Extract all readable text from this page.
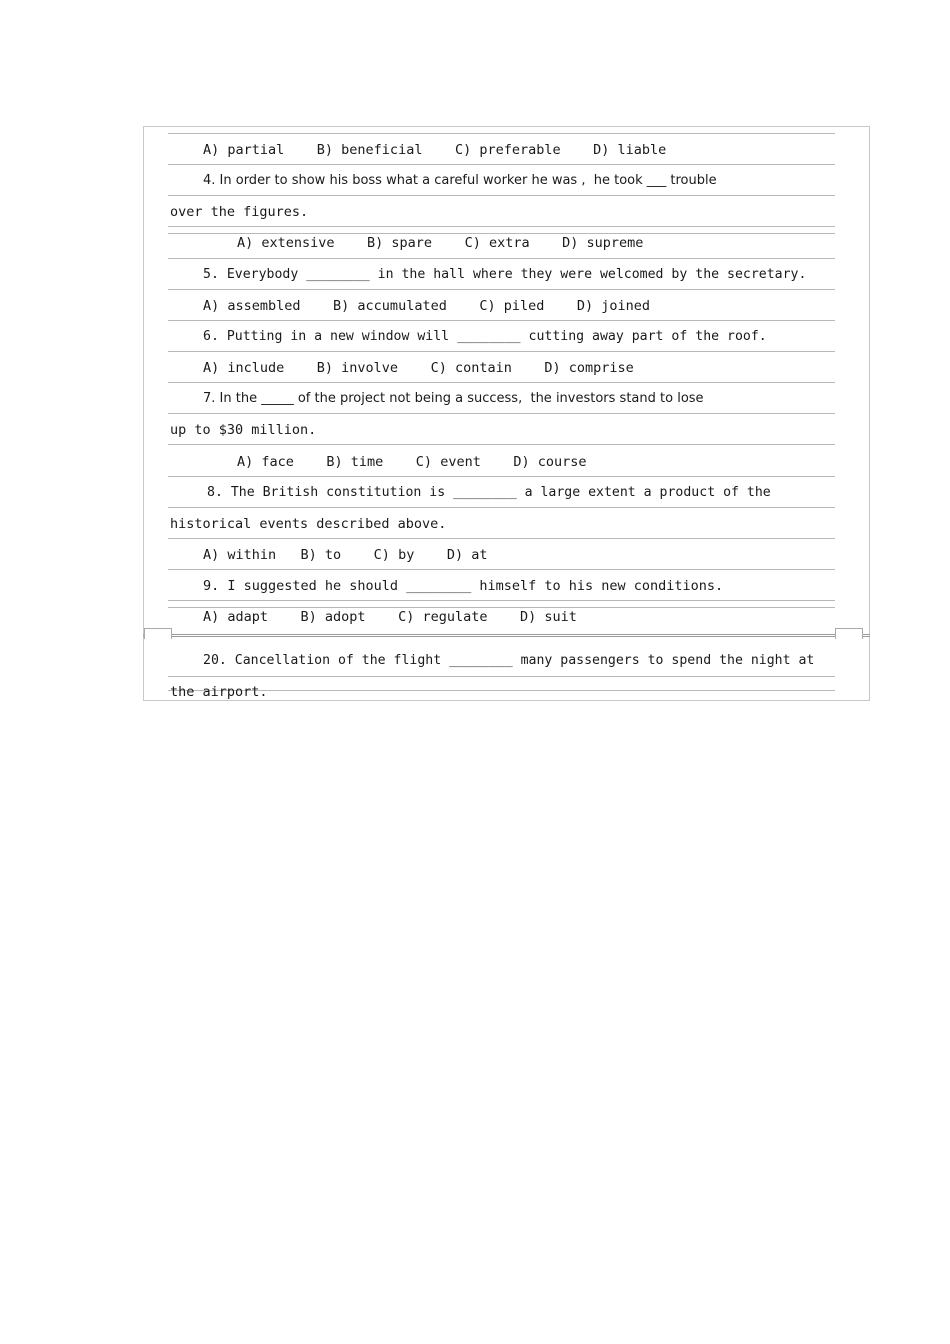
A) partial    B) beneficial    C) preferable    D) liable
4. In order to show his boss what a careful worker he was ,  he took ___ trouble
over the figures.
A) extensive    B) spare    C) extra    D) supreme
5. Everybody ________ in the hall where they were welcomed by the secretary.
A) assembled    B) accumulated    C) piled    D) joined
6. Putting in a new window will ________ cutting away part of the roof.
A) include    B) involve    C) contain    D) comprise
7. In the _____ of the project not being a success,  the investors stand to lose
up to $30 million.
A) face    B) time    C) event    D) course
8. The British constitution is ________ a large extent a product of the
historical events described above.
A) within   B) to    C) by    D) at
9. I suggested he should ________ himself to his new conditions.
A) adapt    B) adopt    C) regulate    D) suit
20. Cancellation of the flight ________ many passengers to spend the night at
the airport.
